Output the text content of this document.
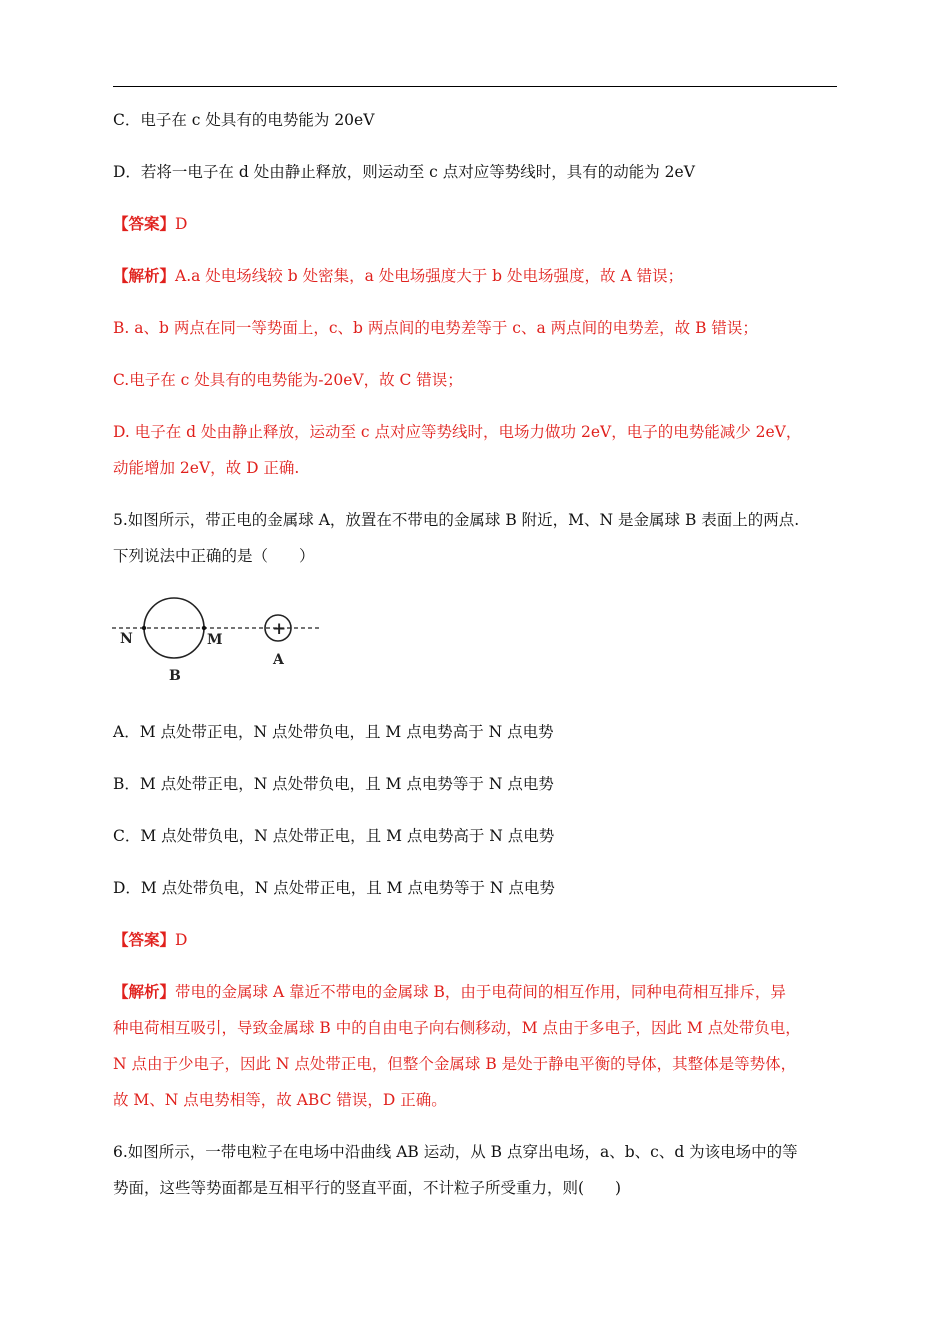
C．电子在 c 处具有的电势能为 20eV
D．若将一电子在 d 处由静止释放，则运动至 c 点对应等势线时，具有的动能为 2eV
【答案】D
【解析】A.a 处电场线较 b 处密集，a 处电场强度大于 b 处电场强度，故 A 错误；
B. a、b 两点在同一等势面上，c、b 两点间的电势差等于 c、a 两点间的电势差，故 B 错误；
C.电子在 c 处具有的电势能为-20eV，故 C 错误；
D. 电子在 d 处由静止释放，运动至 c 点对应等势线时，电场力做功 2eV，电子的电势能减少 2eV，
动能增加 2eV，故 D 正确.
5.如图所示，带正电的金属球 A，放置在不带电的金属球 B 附近，M、N 是金属球 B 表面上的两点.
下列说法中正确的是（　　）
N	M
B
A
+
A．M 点处带正电，N 点处带负电，且 M 点电势高于 N 点电势
B．M 点处带正电，N 点处带负电，且 M 点电势等于 N 点电势
C．M 点处带负电，N 点处带正电，且 M 点电势高于 N 点电势
D．M 点处带负电，N 点处带正电，且 M 点电势等于 N 点电势
【答案】D
【解析】带电的金属球 A 靠近不带电的金属球 B，由于电荷间的相互作用，同种电荷相互排斥，异
种电荷相互吸引，导致金属球 B 中的自由电子向右侧移动，M 点由于多电子，因此 M 点处带负电，
N 点由于少电子，因此 N 点处带正电，但整个金属球 B 是处于静电平衡的导体，其整体是等势体，
故 M、N 点电势相等，故 ABC 错误，D 正确。
6.如图所示，一带电粒子在电场中沿曲线 AB 运动，从 B 点穿出电场，a、b、c、d 为该电场中的等
势面，这些等势面都是互相平行的竖直平面，不计粒子所受重力，则(　　)
